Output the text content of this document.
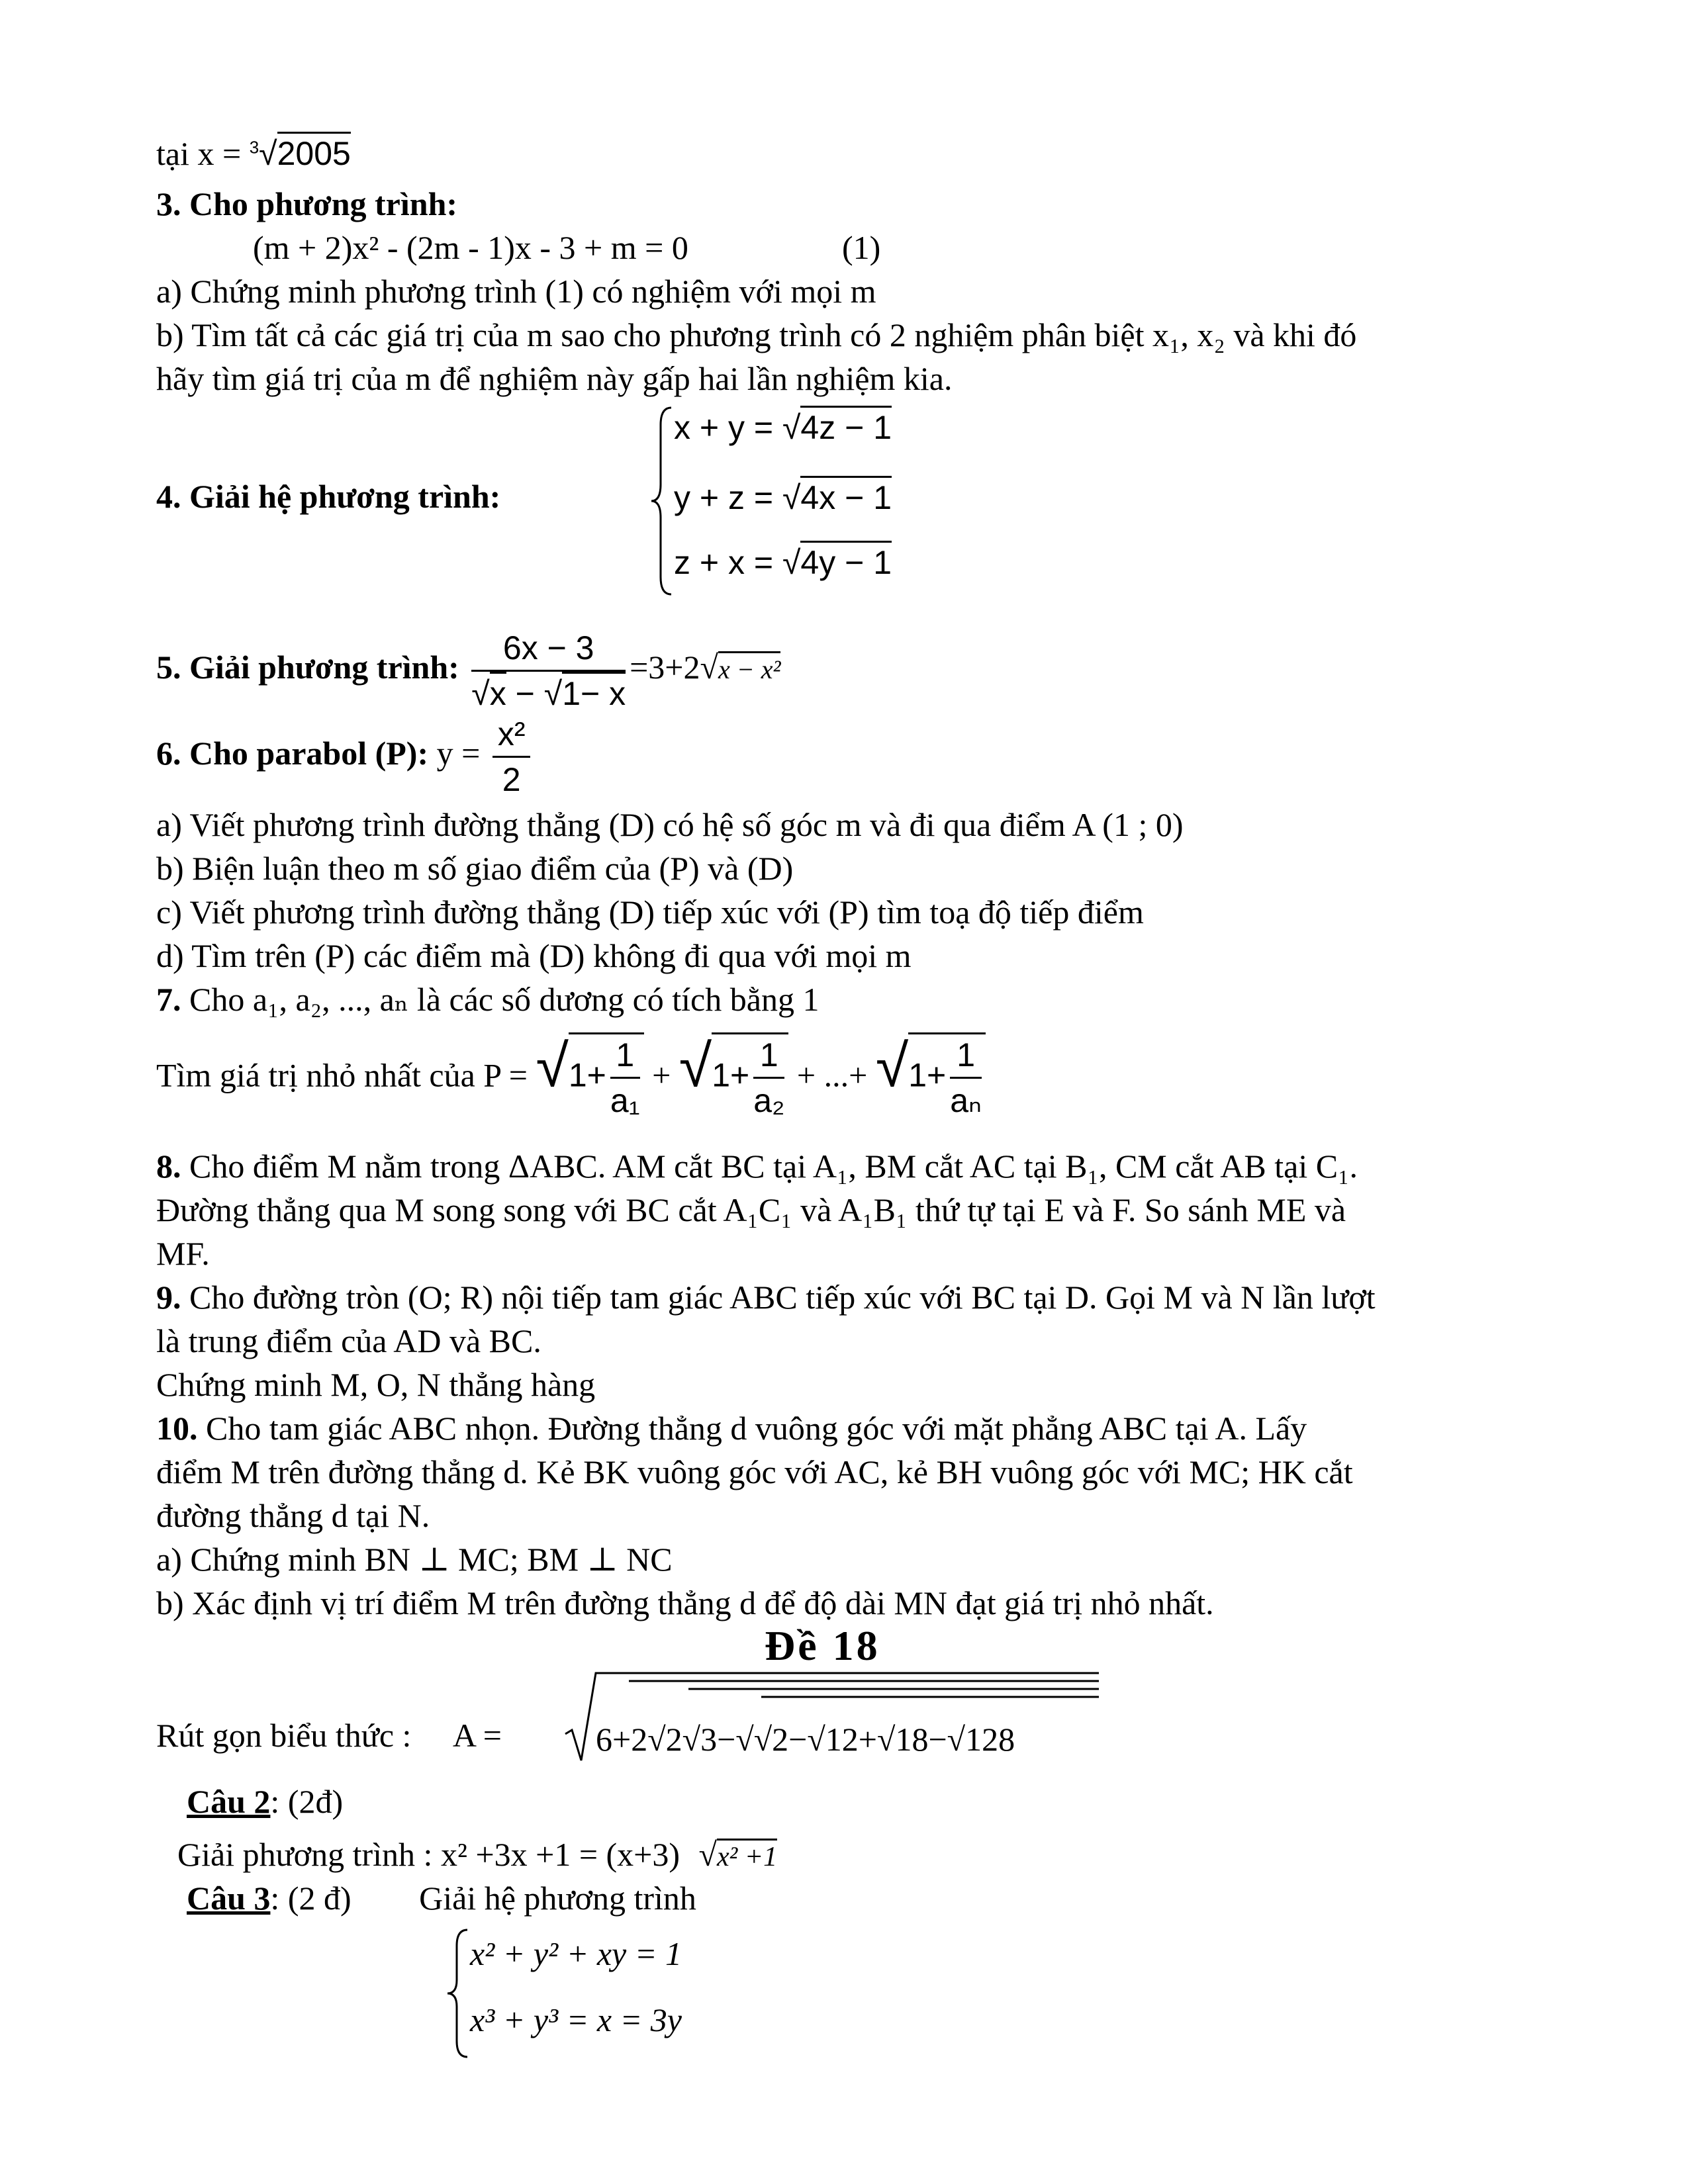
tại x = $^3$√2005
3. Cho phương trình:
(m + 2)x² - (2m - 1)x - 3 + m = 0	(1)
a) Chứng minh phương trình (1) có nghiệm với mọi m
b) Tìm tất cả các giá trị của m sao cho phương trình có 2 nghiệm phân biệt x₁, x₂ và khi đó
hãy tìm giá trị của m để nghiệm này gấp hai lần nghiệm kia.
4. Giải hệ phương trình:
x + y = √4z − 1
y + z = √4x − 1
z + x = √4y − 1
5. Giải phương trình: $\frac{6x - 3}{√x - √1- x} =3+2√x - x^2$
6. Cho parabol (P): $y = \frac{\text{x²}}{2}$
a) Viết phương trình đường thẳng (D) có hệ số góc m và đi qua điểm A (1 ; 0)
b) Biện luận theo m số giao điểm của (P) và (D)
c) Viết phương trình đường thẳng (D) tiếp xúc với (P) tìm toạ độ tiếp điểm
d) Tìm trên (P) các điểm mà (D) không đi qua với mọi m
7. Cho a₁, a₂, ..., aₙ là các số dương có tích bằng 1
Tìm giá trị nhỏ nhất của $P = √1+ \frac{1}{\text{a₁}} + √1+ \frac{1}{\text{a₂}}$ + ...+ $√1+ \frac{1}{\text{aₙ}}$
8. Cho điểm M nằm trong ΔABC. AM cắt BC tại A₁, BM cắt AC tại B₁, CM cắt AB tại C₁.
Đường thẳng qua M song song với BC cắt A₁C₁ và A₁B₁ thứ tự tại E và F. So sánh ME và
MF.
9. Cho đường tròn (O; R) nội tiếp tam giác ABC tiếp xúc với BC tại D. Gọi M và N lần lượt
là trung điểm của AD và BC.
Chứng minh M, O, N thẳng hàng
10. Cho tam giác ABC nhọn. Đường thẳng d vuông góc với mặt phẳng ABC tại A. Lấy
điểm M trên đường thẳng d. Kẻ BK vuông góc với AC, kẻ BH vuông góc với MC; HK cắt
đường thẳng d tại N.
a) Chứng minh BN ⊥ MC; BM ⊥ NC
b) Xác định vị trí điểm M trên đường thẳng d để độ dài MN đạt giá trị nhỏ nhất.
Đề 18
Rút gọn biểu thức : A =	6+2√2√3−√√2−√12+√18−√128
Câu 2: (2đ)
Giải phương trình : x² +3x +1 = (x+3) √x² +1
Câu 3: (2 đ) Giải hệ phương trình
x² + y² + xy = 1
x³ + y³ = x = 3y
